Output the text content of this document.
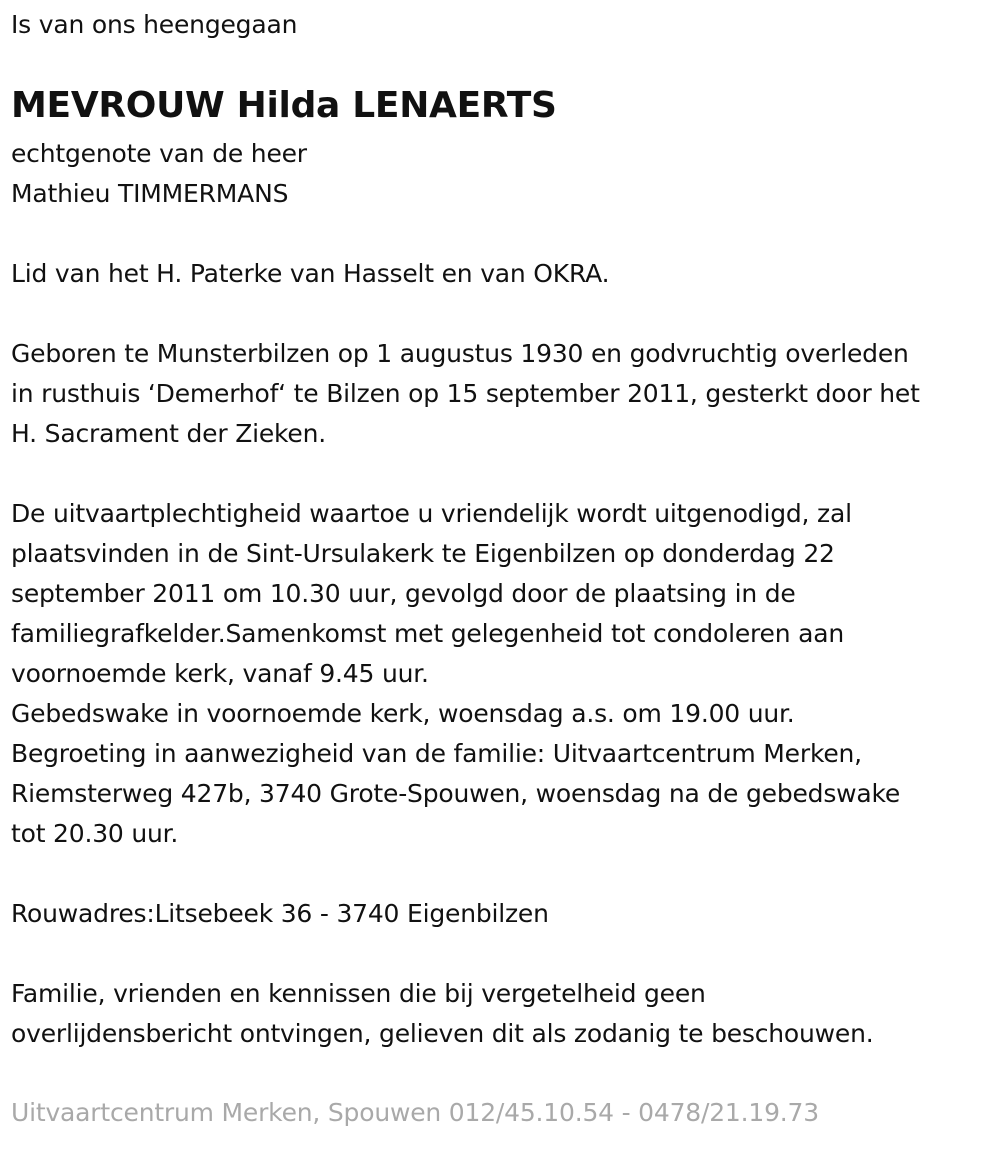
Is van ons heengegaan
MEVROUW Hilda LENAERTS
echtgenote van de heer
Mathieu TIMMERMANS
Lid van het H. Paterke van Hasselt en van OKRA.
Geboren te Munsterbilzen op 1 augustus 1930 en godvruchtig overleden
in rusthuis ‘Demerhof‘ te Bilzen op 15 september 2011, gesterkt door het
H. Sacrament der Zieken.
De uitvaartplechtigheid waartoe u vriendelijk wordt uitgenodigd, zal
plaatsvinden in de Sint-Ursulakerk te Eigenbilzen op donderdag 22
september 2011 om 10.30 uur, gevolgd door de plaatsing in de
familiegrafkelder.Samenkomst met gelegenheid tot condoleren aan
voornoemde kerk, vanaf 9.45 uur.
Gebedswake in voornoemde kerk, woensdag a.s. om 19.00 uur.
Begroeting in aanwezigheid van de familie: Uitvaartcentrum Merken,
Riemsterweg 427b, 3740 Grote-Spouwen, woensdag na de gebedswake
tot 20.30 uur.
Rouwadres:Litsebeek 36 - 3740 Eigenbilzen
Familie, vrienden en kennissen die bij vergetelheid geen
overlijdensbericht ontvingen, gelieven dit als zodanig te beschouwen.
Uitvaartcentrum Merken, Spouwen 012/45.10.54 - 0478/21.19.73
